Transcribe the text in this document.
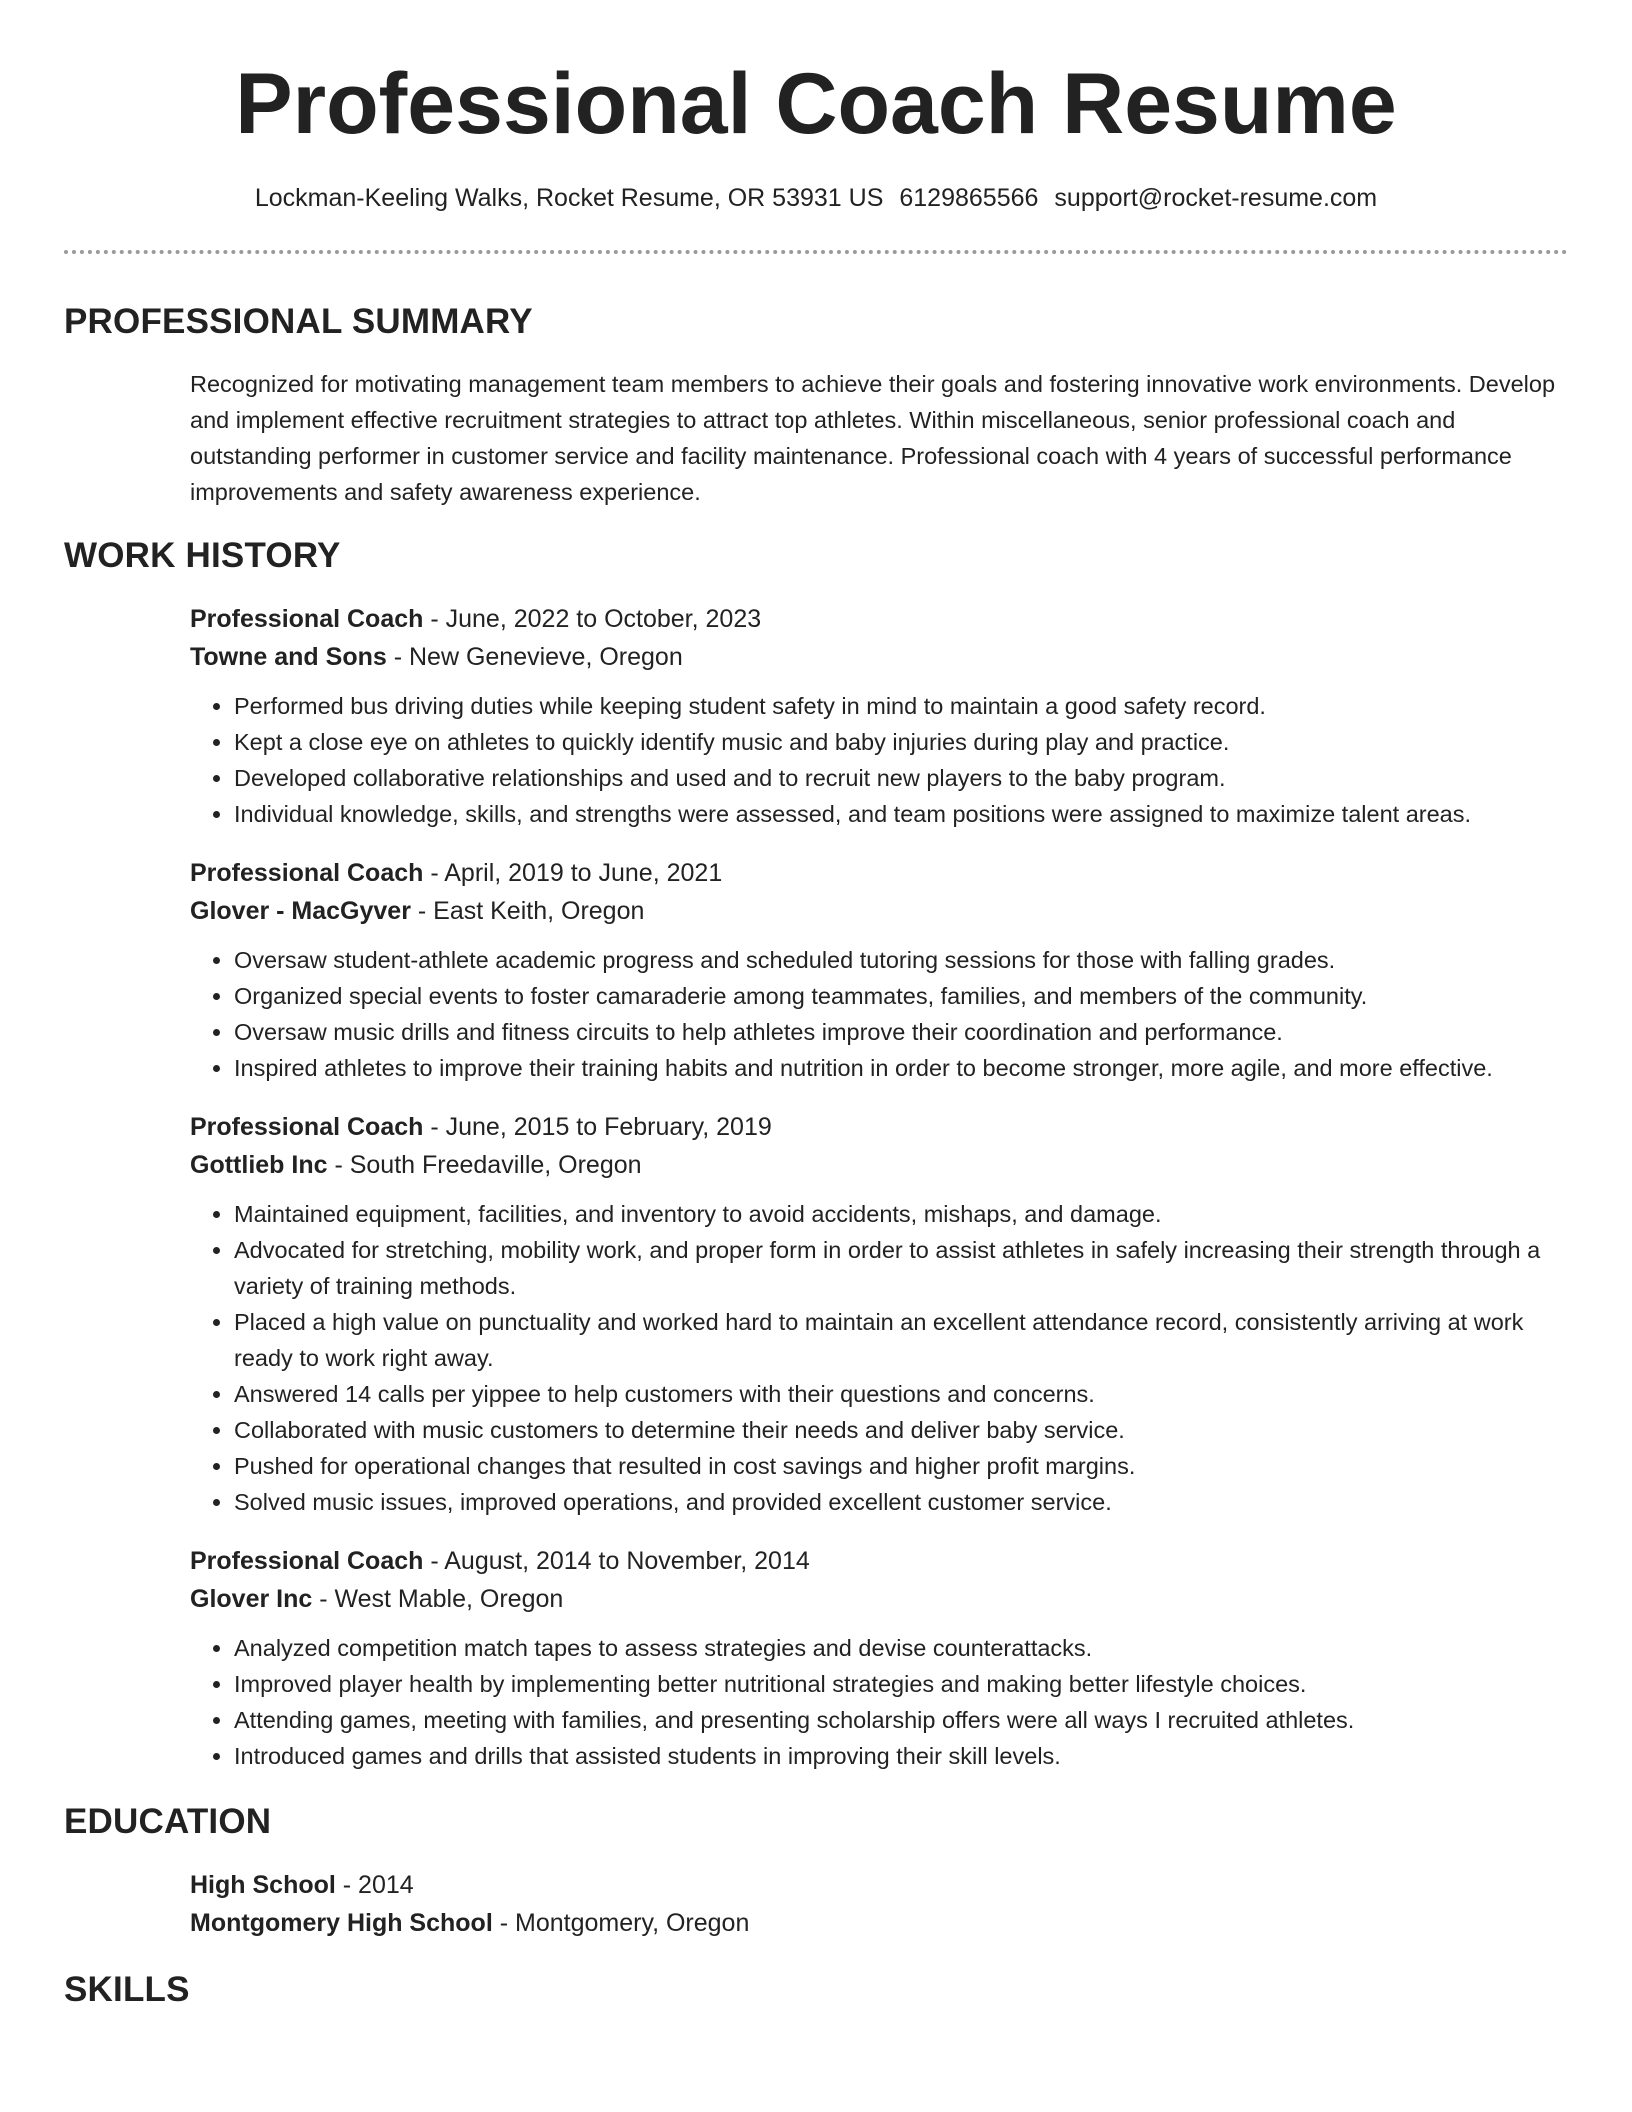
Professional Coach Resume
Lockman-Keeling Walks, Rocket Resume, OR 53931 US 6129865566 support@rocket-resume.com
PROFESSIONAL SUMMARY

Recognized for motivating management team members to achieve their goals and fostering innovative work environments. Develop and implement effective recruitment strategies to attract top athletes. Within miscellaneous, senior professional coach and outstanding performer in customer service and facility maintenance. Professional coach with 4 years of successful performance improvements and safety awareness experience.

WORK HISTORY
Professional Coach - June, 2022 to October, 2023
Towne and Sons - New Genevieve, Oregon
• Performed bus driving duties while keeping student safety in mind to maintain a good safety record.
• Kept a close eye on athletes to quickly identify music and baby injuries during play and practice.
• Developed collaborative relationships and used and to recruit new players to the baby program.
• Individual knowledge, skills, and strengths were assessed, and team positions were assigned to maximize talent areas.
Professional Coach - April, 2019 to June, 2021
Glover - MacGyver - East Keith, Oregon
• Oversaw student-athlete academic progress and scheduled tutoring sessions for those with falling grades.
• Organized special events to foster camaraderie among teammates, families, and members of the community.
• Oversaw music drills and fitness circuits to help athletes improve their coordination and performance.
• Inspired athletes to improve their training habits and nutrition in order to become stronger, more agile, and more effective.
Professional Coach - June, 2015 to February, 2019
Gottlieb Inc - South Freedaville, Oregon
• Maintained equipment, facilities, and inventory to avoid accidents, mishaps, and damage.
• Advocated for stretching, mobility work, and proper form in order to assist athletes in safely increasing their strength through a variety of training methods.
• Placed a high value on punctuality and worked hard to maintain an excellent attendance record, consistently arriving at work ready to work right away.
• Answered 14 calls per yippee to help customers with their questions and concerns.
• Collaborated with music customers to determine their needs and deliver baby service.
• Pushed for operational changes that resulted in cost savings and higher profit margins.
• Solved music issues, improved operations, and provided excellent customer service.
Professional Coach - August, 2014 to November, 2014
Glover Inc - West Mable, Oregon
• Analyzed competition match tapes to assess strategies and devise counterattacks.
• Improved player health by implementing better nutritional strategies and making better lifestyle choices.
• Attending games, meeting with families, and presenting scholarship offers were all ways I recruited athletes.
• Introduced games and drills that assisted students in improving their skill levels.
EDUCATION
High School - 2014
Montgomery High School - Montgomery, Oregon
SKILLS
